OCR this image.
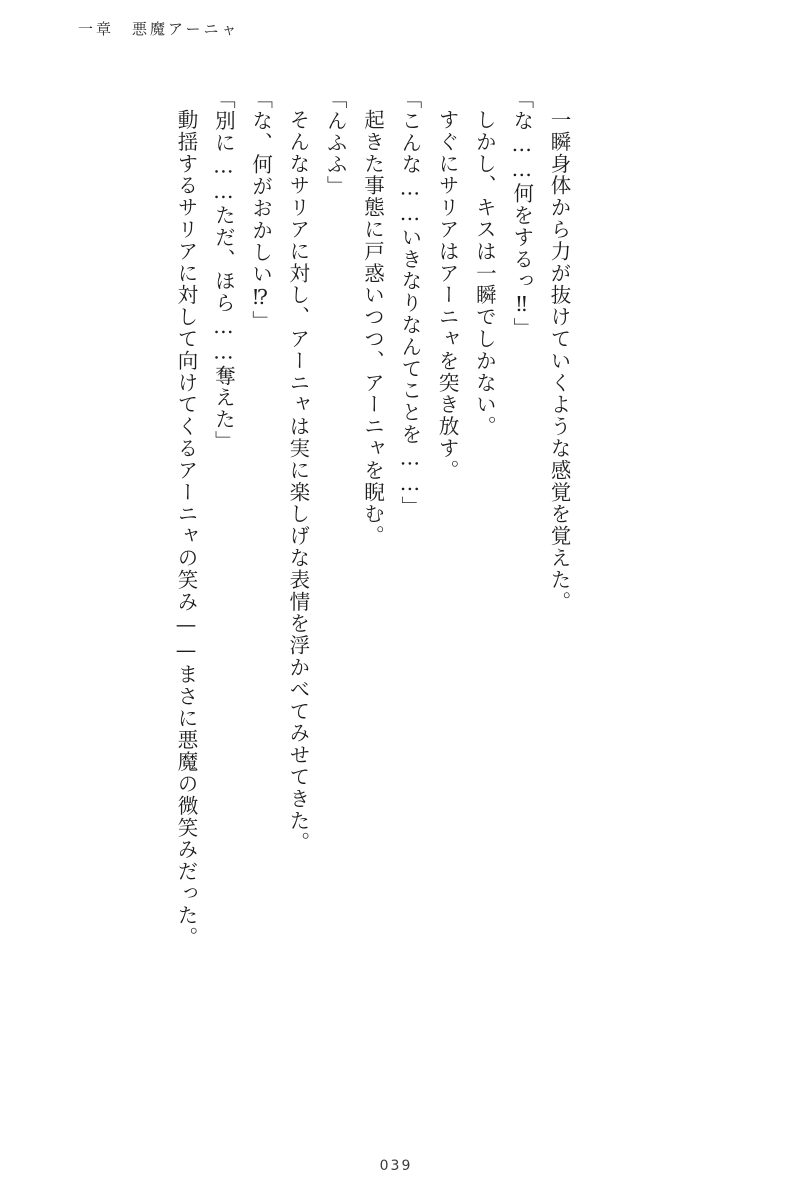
一章　悪魔アーニャ

一瞬身体から力が抜けていくような感覚を覚えた。

「な……何をするっ‼」

しかし、キスは一瞬でしかない。

すぐにサリアはアーニャを突き放す。

「こんな……いきなりなんてことを……」

起きた事態に戸惑いつつ、アーニャを睨む。

「んふふ」

そんなサリアに対し、アーニャは実に楽しげな表情を浮かべてみせてきた。

「な、何がおかしい⁉」

「別に……ただ、ほら……奪えた」

動揺するサリアに対して向けてくるアーニャの笑み——まさに悪魔の微笑みだった。

039
